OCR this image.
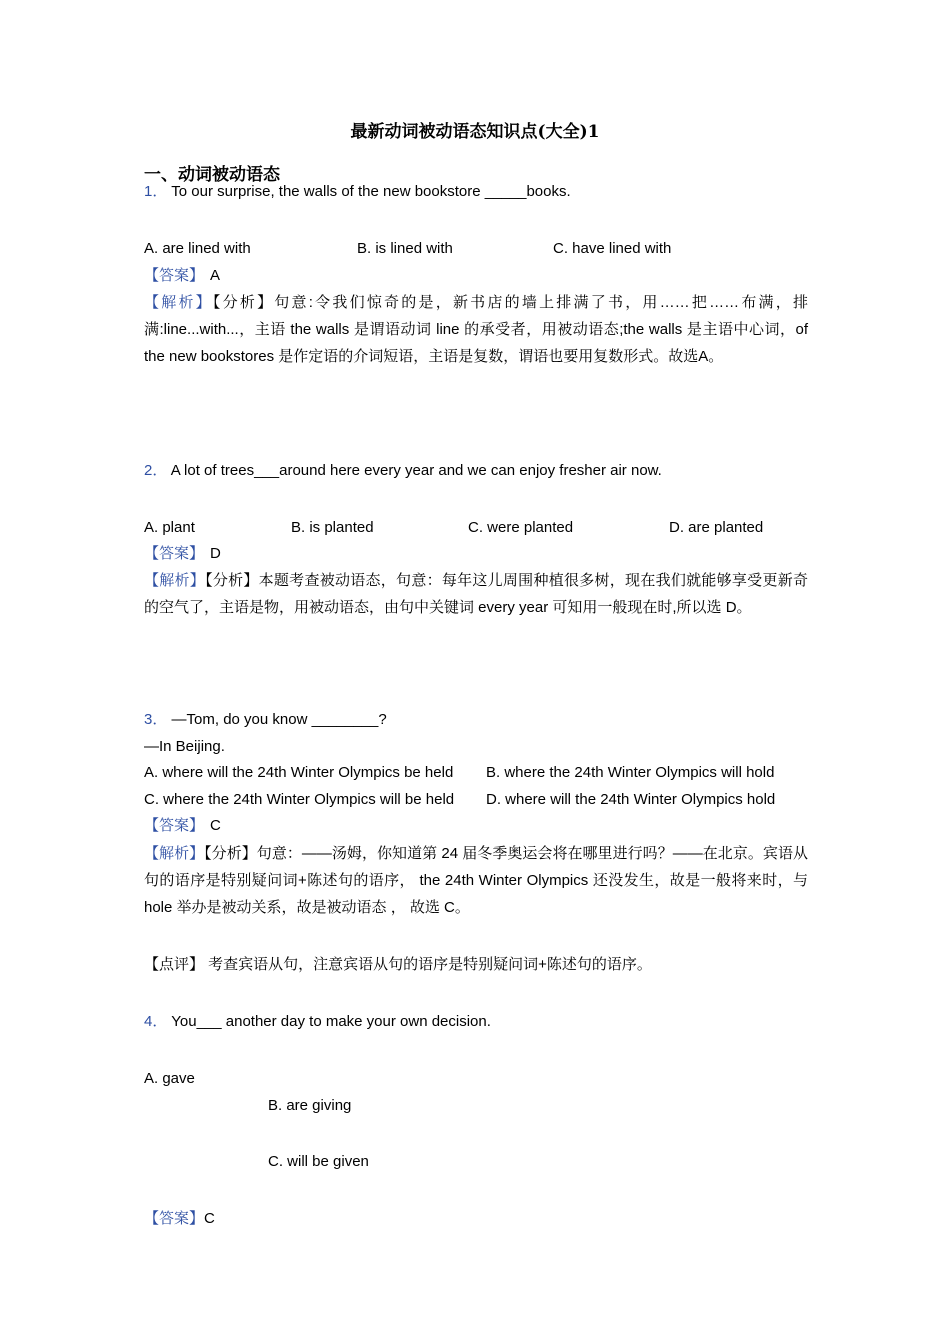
最新动词被动语态知识点(大全)1
一、动词被动语态
1． To our surprise, the walls of the new bookstore _____books.
A. are lined with	B. is lined with	C. have lined with
【答案】 A
【解析】【分析】句意:令我们惊奇的是，新书店的墙上排满了书，用……把……布满，排满:line...with...，主语 the walls 是谓语动词 line 的承受者，用被动语态;the walls 是主语中心词，of the new bookstores 是作定语的介词短语，主语是复数，谓语也要用复数形式。故选A。
2． A lot of trees___around here every year and we can enjoy fresher air now.
A. plant	B. is planted	C. were planted	D. are planted
【答案】 D
【解析】【分析】本题考查被动语态，句意：每年这儿周围种植很多树，现在我们就能够享受更新奇的空气了，主语是物，用被动语态，由句中关键词 every year 可知用一般现在时,所以选 D。
3． —Tom, do you know ________?
—In Beijing.
A. where will the 24th Winter Olympics be held B. where the 24th Winter Olympics will hold
C. where the 24th Winter Olympics will be held D. where will the 24th Winter Olympics hold
【答案】 C
【解析】【分析】句意：——汤姆，你知道第 24 届冬季奥运会将在哪里进行吗？——在北京。宾语从句的语序是特别疑问词+陈述句的语序， the 24th Winter Olympics 还没发生，故是一般将来时，与 hole 举办是被动关系，故是被动语态 ， 故选 C。
【点评】 考查宾语从句，注意宾语从句的语序是特别疑问词+陈述句的语序。
4． You___ another day to make your own decision.
A. gave
B. are giving
C. will be given
【答案】C
